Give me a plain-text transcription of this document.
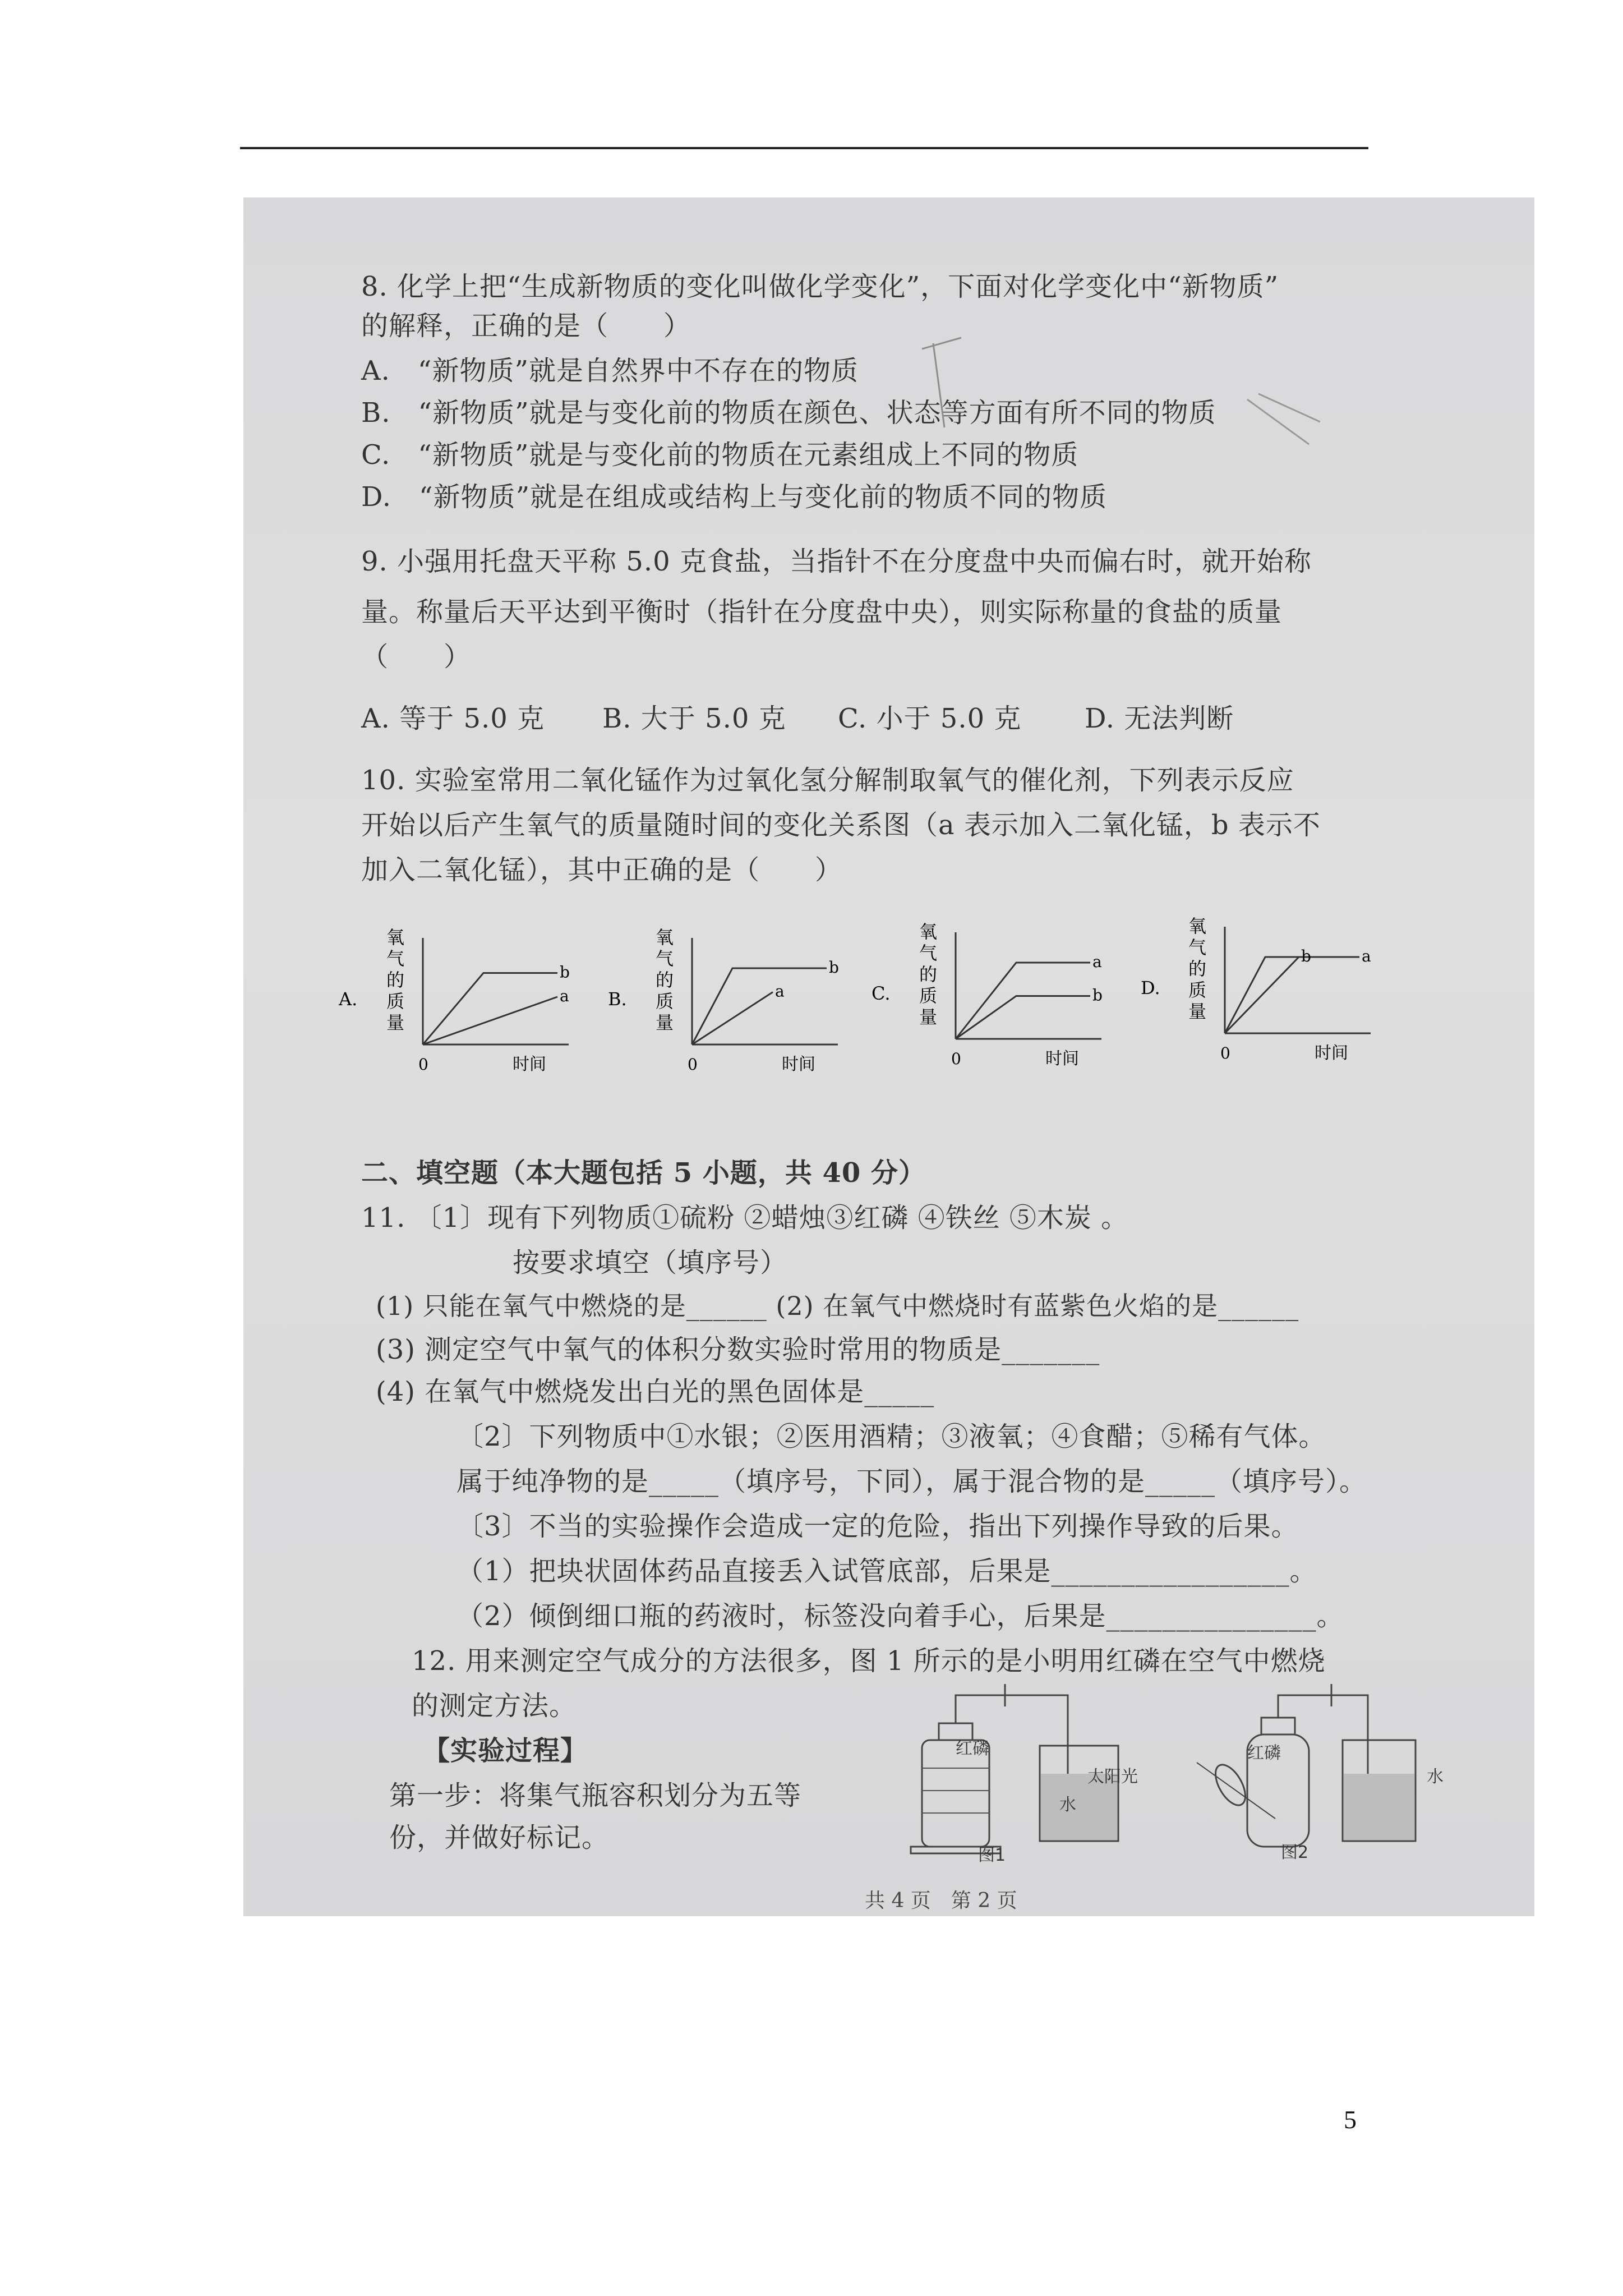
8. 化学上把“生成新物质的变化叫做化学变化”，下面对化学变化中“新物质”
的解释，正确的是（　　）
A.　“新物质”就是自然界中不存在的物质
B.　“新物质”就是与变化前的物质在颜色、状态等方面有所不同的物质
C.　“新物质”就是与变化前的物质在元素组成上不同的物质
D.　“新物质”就是在组成或结构上与变化前的物质不同的物质
9. 小强用托盘天平称 5.0 克食盐，当指针不在分度盘中央而偏右时，就开始称
量。称量后天平达到平衡时（指针在分度盘中央），则实际称量的食盐的质量
（　　）
A. 等于 5.0 克 B. 大于 5.0 克 C. 小于 5.0 克 D. 无法判断
10. 实验室常用二氧化锰作为过氧化氢分解制取氧气的催化剂，下列表示反应
开始以后产生氧气的质量随时间的变化关系图（a 表示加入二氧化锰，b 表示不
加入二氧化锰），其中正确的是（　　）
A.
氧
气
的
质
量
0	时间
b
a B.
氧
气
的
质
量
0	时间
b
a	C.
氧
气
的
质
量
0	时间
a
b D.
氧
气
的
质
量
0	时间
a
b
二、填空题（本大题包括 5 小题，共 40 分）
11. 〔1〕现有下列物质①硫粉 ②蜡烛③红磷 ④铁丝 ⑤木炭 。
按要求填空（填序号）
(1) 只能在氧气中燃烧的是______ (2) 在氧气中燃烧时有蓝紫色火焰的是______
(3) 测定空气中氧气的体积分数实验时常用的物质是_______
(4) 在氧气中燃烧发出白光的黑色固体是_____
〔2〕下列物质中①水银；②医用酒精；③液氧；④食醋；⑤稀有气体。
属于纯净物的是_____（填序号，下同），属于混合物的是_____（填序号）。
〔3〕不当的实验操作会造成一定的危险，指出下列操作导致的后果。
（1）把块状固体药品直接丢入试管底部，后果是_________________。
（2）倾倒细口瓶的药液时，标签没向着手心，后果是_______________。
12. 用来测定空气成分的方法很多，图 1 所示的是小明用红磷在空气中燃烧
的测定方法。
【实验过程】
第一步：将集气瓶容积划分为五等
份，并做好标记。
红磷
水
图1
太阳光
红磷
水
图2
共 4 页　第 2 页
5
